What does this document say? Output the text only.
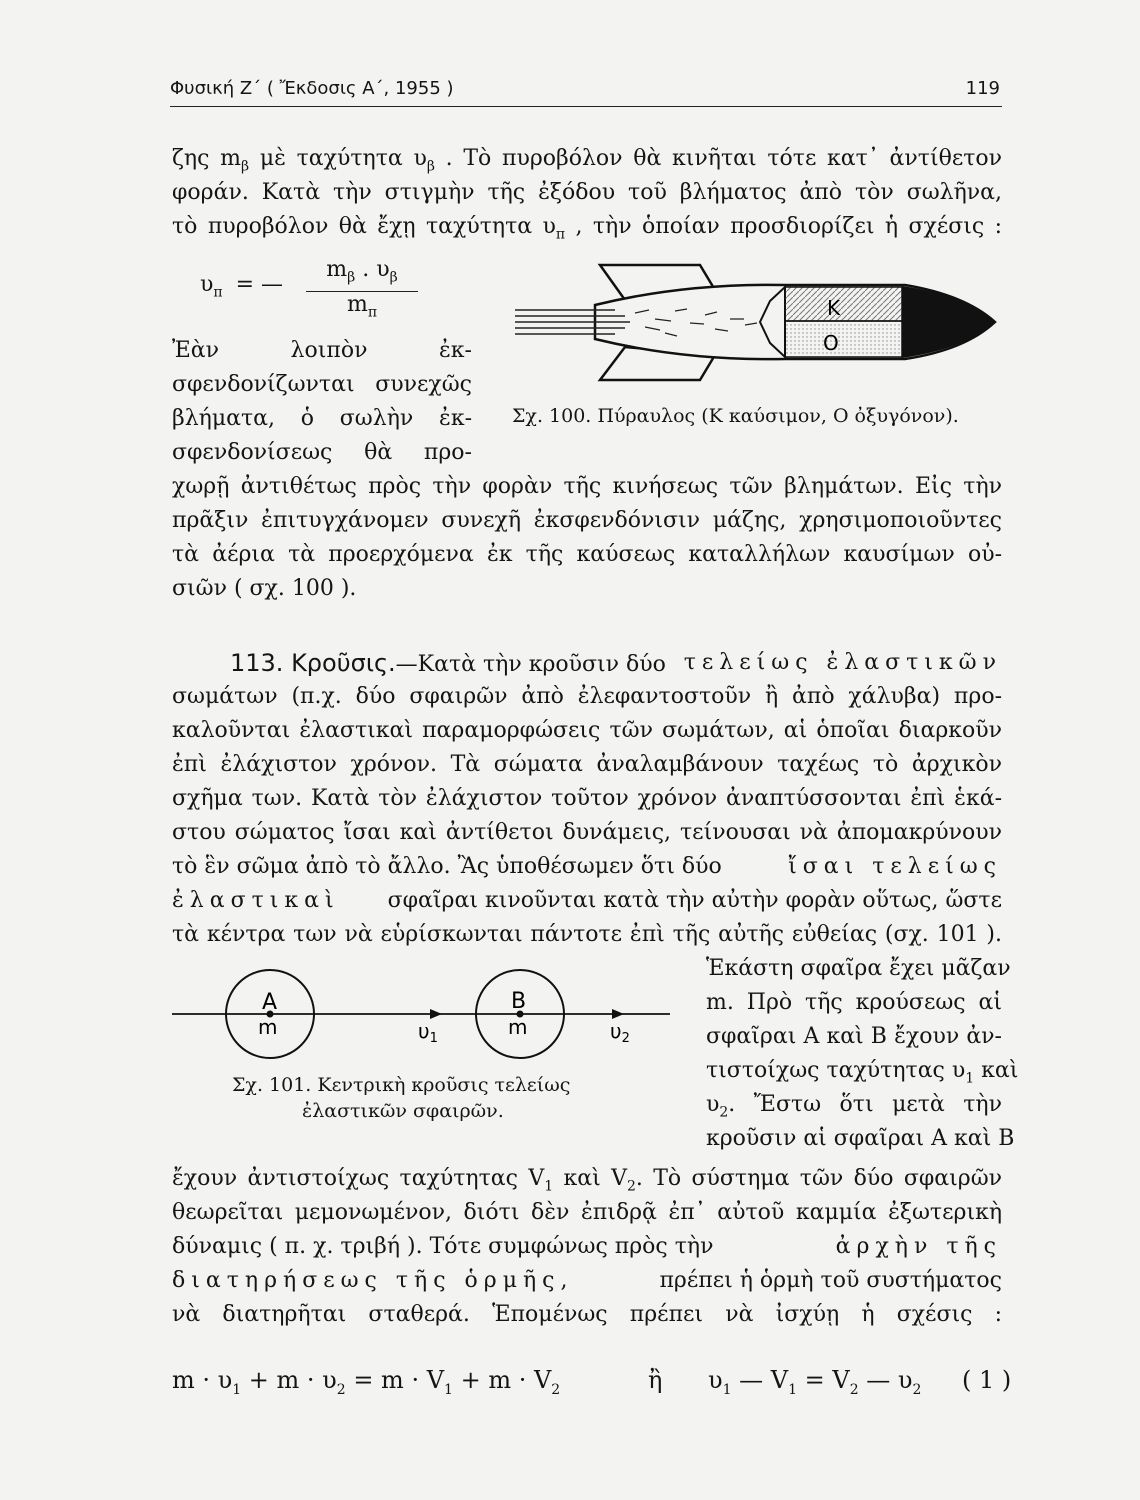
Φυσική Ζ΄ ( Ἔκδοσις Α΄, 1955 )	119
ζης $m_\beta$ μὲ ταχύτητα $\upsilon_\beta$ . Τὸ πυροβόλον θὰ κινῆται τότε κατ᾽ ἀντίθετον
φοράν. Κατὰ τὴν στιγμὴν τῆς ἐξόδου τοῦ βλήματος ἀπὸ τὸν σωλῆνα,
τὸ πυροβόλον θὰ ἔχῃ ταχύτητα $\upsilon_\pi$ , τὴν ὁποίαν προσδιορίζει ἡ σχέσις :
$\upsilon_\pi$ = —
$m_\beta$ . $\upsilon_\beta$
$m_\pi$
Ἐὰν λοιπὸν ἐκ-
σφενδονίζωνται συνεχῶς
βλήματα, ὁ σωλὴν ἐκ-
σφενδονίσεως θὰ προ-
K
O
Σχ. 100. Πύραυλος (Κ καύσιμον, Ο ὀξυγόνον).
χωρῇ ἀντιθέτως πρὸς τὴν φορὰν τῆς κινήσεως τῶν βλημάτων. Εἰς τὴν
πρᾶξιν ἐπιτυγχάνομεν συνεχῆ ἐκσφενδόνισιν μάζης, χρησιμοποιοῦντες
τὰ ἀέρια τὰ προερχόμενα ἐκ τῆς καύσεως καταλλήλων καυσίμων οὐ-
σιῶν ( σχ. 100 ).
113. Κροῦσις.—Κατὰ τὴν κροῦσιν δύο τελείως ἐλαστικῶν
σωμάτων (π.χ. δύο σφαιρῶν ἀπὸ ἐλεφαντοστοῦν ἢ ἀπὸ χάλυβα) προ-
καλοῦνται ἐλαστικαὶ παραμορφώσεις τῶν σωμάτων, αἱ ὁποῖαι διαρκοῦν
ἐπὶ ἐλάχιστον χρόνον. Τὰ σώματα ἀναλαμβάνουν ταχέως τὸ ἀρχικὸν
σχῆμα των. Κατὰ τὸν ἐλάχιστον τοῦτον χρόνον ἀναπτύσσονται ἐπὶ ἑκά-
στου σώματος ἴσαι καὶ ἀντίθετοι δυνάμεις, τείνουσαι νὰ ἀπομακρύνουν
τὸ ἓν σῶμα ἀπὸ τὸ ἄλλο. Ἂς ὑποθέσωμεν ὅτι δύο	ἴσαι τελείως
ἐλαστικαὶ σφαῖραι κινοῦνται κατὰ τὴν αὐτὴν φορὰν οὕτως, ὥστε
τὰ κέντρα των νὰ εὑρίσκωνται πάντοτε ἐπὶ τῆς αὐτῆς εὐθείας (σχ. 101 ).
Ἑκάστη σφαῖρα ἔχει μᾶζαν
m. Πρὸ τῆς κρούσεως αἱ
σφαῖραι Α καὶ Β ἔχουν ἀν-
τιστοίχως ταχύτητας $\upsilon_1$ καὶ
$\upsilon_2$. Ἔστω ὅτι μετὰ τὴν
κροῦσιν αἱ σφαῖραι Α καὶ Β
A
m
B
m
$\upsilon_1$	$\upsilon_2$
Σχ. 101. Κεντρικὴ κροῦσις τελείως
ἐλαστικῶν σφαιρῶν.
ἔχουν ἀντιστοίχως ταχύτητας $V_1$ καὶ $V_2$. Τὸ σύστημα τῶν δύο σφαιρῶν
θεωρεῖται μεμονωμένον, διότι δὲν ἐπιδρᾷ ἐπ᾽ αὐτοῦ καμμία ἐξωτερικὴ
δύναμις ( π. χ. τριβή ). Τότε συμφώνως πρὸς τὴν	ἀρχὴν τῆς
διατηρήσεως τῆς ὁρμῆς,	πρέπει ἡ ὁρμὴ τοῦ συστήματος
νὰ διατηρῆται σταθερά. Ἑπομένως πρέπει νὰ ἰσχύῃ ἡ σχέσις :
$m \cdot \upsilon_1 + m \cdot \upsilon_2 = m \cdot V_1 + m \cdot V_2$	ἢ $\upsilon_1$ — $V_1 = V_2$ — $\upsilon_2$ ( 1 )
